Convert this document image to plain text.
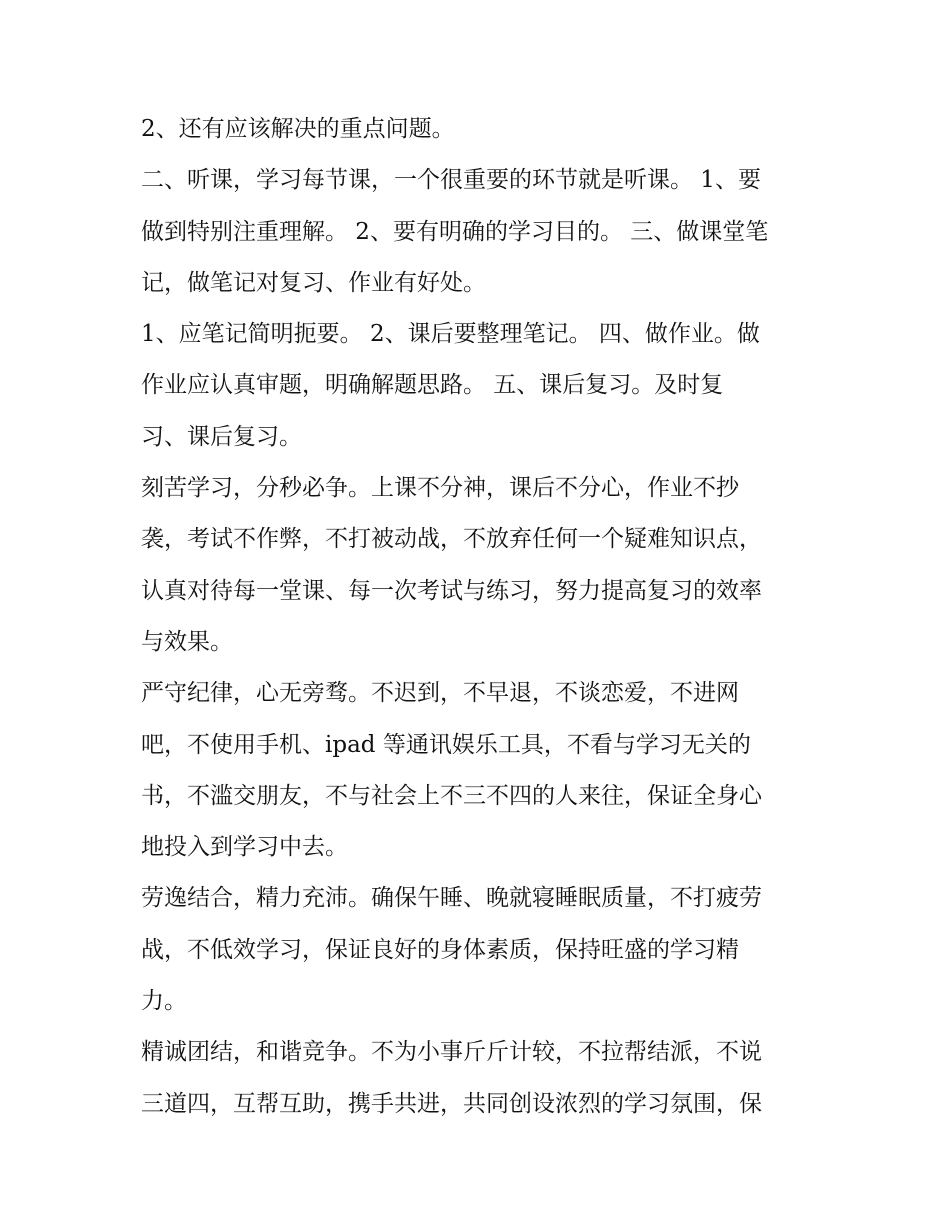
2、还有应该解决的重点问题。
二、听课，学习每节课，一个很重要的环节就是听课。 1、要
做到特别注重理解。 2、要有明确的学习目的。 三、做课堂笔
记，做笔记对复习、作业有好处。
1、应笔记简明扼要。 2、课后要整理笔记。 四、做作业。做
作业应认真审题，明确解题思路。 五、课后复习。及时复
习、课后复习。
刻苦学习，分秒必争。上课不分神，课后不分心，作业不抄
袭，考试不作弊，不打被动战，不放弃任何一个疑难知识点，
认真对待每一堂课、每一次考试与练习，努力提高复习的效率
与效果。
严守纪律，心无旁骛。不迟到，不早退，不谈恋爱，不进网
吧，不使用手机、ipad 等通讯娱乐工具，不看与学习无关的
书，不滥交朋友，不与社会上不三不四的人来往，保证全身心
地投入到学习中去。
劳逸结合，精力充沛。确保午睡、晚就寝睡眠质量，不打疲劳
战，不低效学习，保证良好的身体素质，保持旺盛的学习精
力。
精诚团结，和谐竞争。不为小事斤斤计较，不拉帮结派，不说
三道四，互帮互助，携手共进，共同创设浓烈的学习氛围，保
